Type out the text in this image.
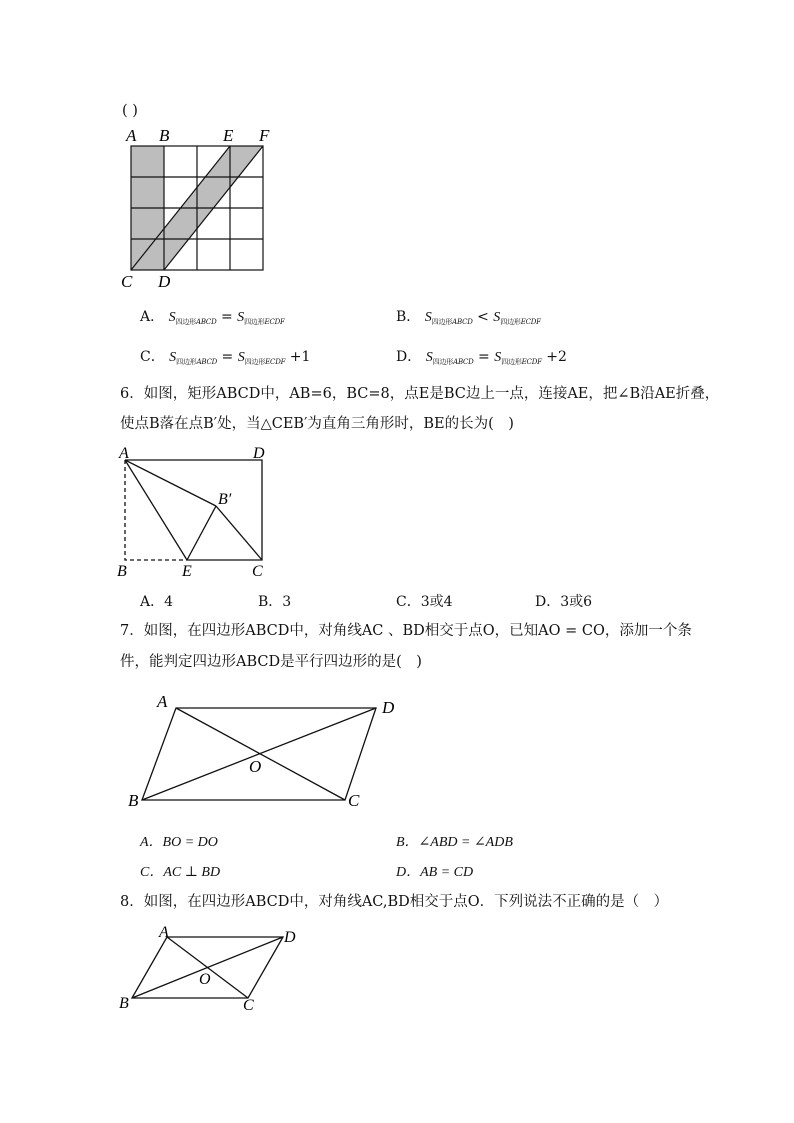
( )
A B	E F
C D
A． $S_{四边形ABCD} = S_{四边形ECDF}$	B． $S_{四边形ABCD} < S_{四边形ECDF}$
C． $S_{四边形ABCD} = S_{四边形ECDF} +1$	D． $S_{四边形ABCD} = S_{四边形ECDF} +2$
6．如图，矩形ABCD中，AB=6，BC=8，点E是BC边上一点，连接AE，把∠B沿AE折叠，
使点B落在点B′处，当△CEB′为直角三角形时，BE的长为(　)
A	D
B′
B	E	C
A．4	B．3	C．3或4	D．3或6
7．如图，在四边形ABCD中，对角线AC 、BD相交于点O，已知AO = CO，添加一个条
件，能判定四边形ABCD是平行四边形的是(　)
A	D
O
B	C
A．BO = DO	B．∠ABD = ∠ADB
C．AC ⊥ BD	D．AB = CD
8．如图，在四边形ABCD中，对角线AC,BD相交于点O．下列说法不正确的是（　）
A	D
O
B	C
